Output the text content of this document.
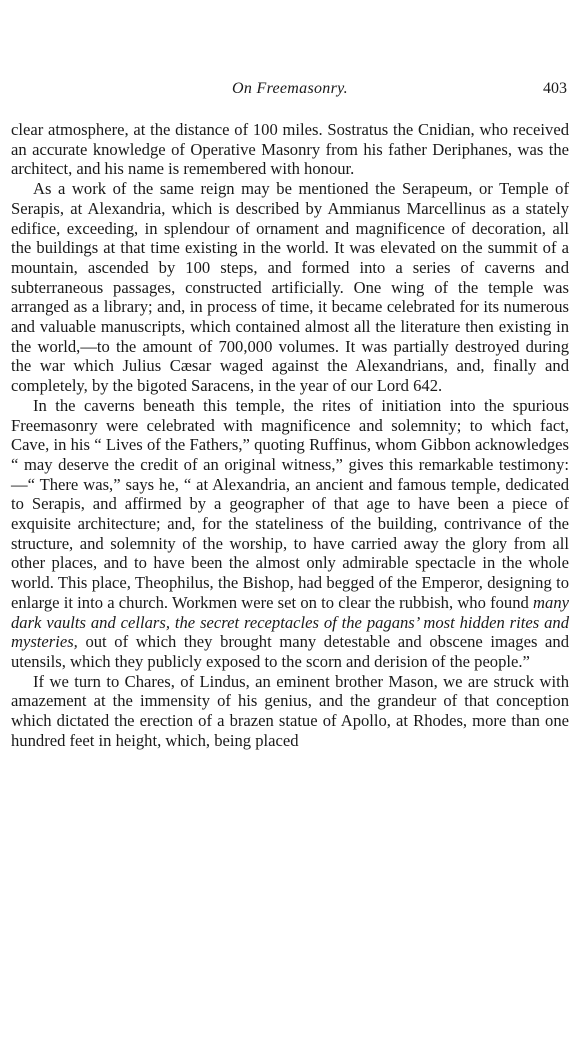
On Freemasonry.	403

clear atmosphere, at the distance of 100 miles. Sostratus the Cnidian, who received an accurate knowledge of Operative Masonry from his father Deriphanes, was the architect, and his name is remembered with honour.

As a work of the same reign may be mentioned the Serapeum, or Temple of Serapis, at Alexandria, which is described by Ammianus Marcellinus as a stately edifice, exceeding, in splendour of ornament and magnificence of decoration, all the buildings at that time existing in the world. It was elevated on the summit of a mountain, ascended by 100 steps, and formed into a series of caverns and subterraneous passages, constructed artificially. One wing of the temple was arranged as a library; and, in process of time, it became celebrated for its numerous and valuable manuscripts, which contained almost all the literature then existing in the world,—to the amount of 700,000 volumes. It was partially destroyed during the war which Julius Cæsar waged against the Alexandrians, and, finally and completely, by the bigoted Saracens, in the year of our Lord 642.

In the caverns beneath this temple, the rites of initiation into the spurious Freemasonry were celebrated with magnificence and solemnity; to which fact, Cave, in his “ Lives of the Fathers,” quoting Ruffinus, whom Gibbon acknowledges “ may deserve the credit of an original witness,” gives this remarkable testimony:—“ There was,” says he, “ at Alexandria, an ancient and famous temple, dedicated to Serapis, and affirmed by a geographer of that age to have been a piece of exquisite architecture; and, for the stateliness of the building, contrivance of the structure, and solemnity of the worship, to have carried away the glory from all other places, and to have been the almost only admirable spectacle in the whole world. This place, Theophilus, the Bishop, had begged of the Emperor, designing to enlarge it into a church. Workmen were set on to clear the rubbish, who found many dark vaults and cellars, the secret receptacles of the pagans’ most hidden rites and mysteries, out of which they brought many detestable and obscene images and utensils, which they publicly exposed to the scorn and derision of the people.”

If we turn to Chares, of Lindus, an eminent brother Mason, we are struck with amazement at the immensity of his genius, and the grandeur of that conception which dictated the erection of a brazen statue of Apollo, at Rhodes, more than one hundred feet in height, which, being placed
